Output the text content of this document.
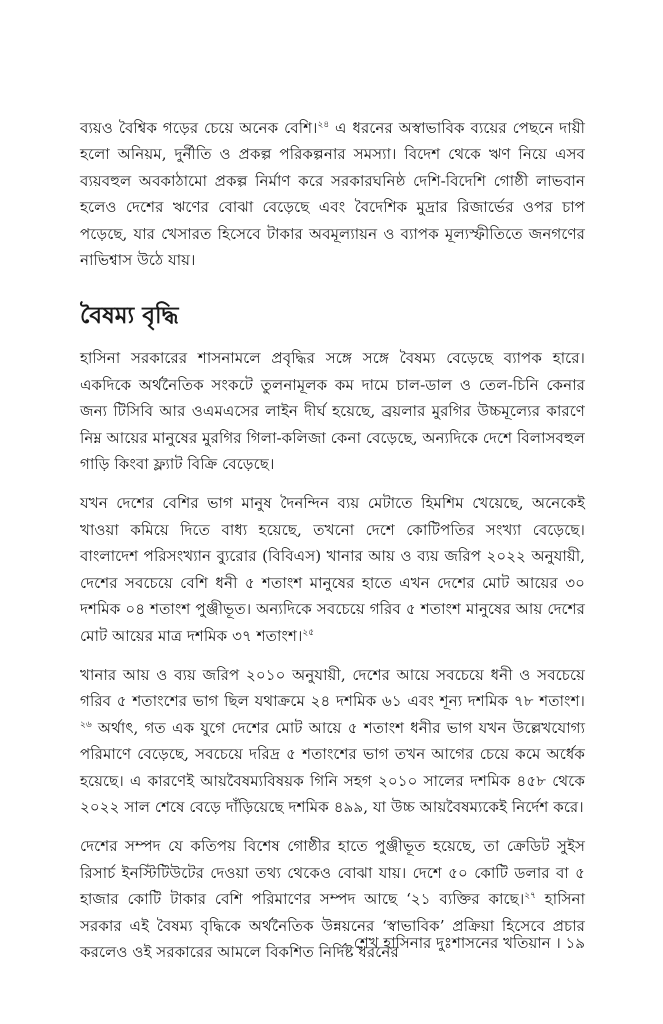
ব্যয়ও বৈশ্বিক গড়ের চেয়ে অনেক বেশি।$^{২৪}$ এ ধরনের অস্বাভাবিক ব্যয়ের পেছনে দায়ী হলো অনিয়ম, দুর্নীতি ও প্রকল্প পরিকল্পনার সমস্যা। বিদেশ থেকে ঋণ নিয়ে এসব ব্যয়বহুল অবকাঠামো প্রকল্প নির্মাণ করে সরকারঘনিষ্ঠ দেশি-বিদেশি গোষ্ঠী লাভবান হলেও দেশের ঋণের বোঝা বেড়েছে এবং বৈদেশিক মুদ্রার রিজার্ভের ওপর চাপ পড়েছে, যার খেসারত হিসেবে টাকার অবমূল্যায়ন ও ব্যাপক মূল্যস্ফীতিতে জনগণের নাভিশ্বাস উঠে যায়।

বৈষম্য বৃদ্ধি

হাসিনা সরকারের শাসনামলে প্রবৃদ্ধির সঙ্গে সঙ্গে বৈষম্য বেড়েছে ব্যাপক হারে। একদিকে অর্থনৈতিক সংকটে তুলনামূলক কম দামে চাল-ডাল ও তেল-চিনি কেনার জন্য টিসিবি আর ওএমএসের লাইন দীর্ঘ হয়েছে, ব্রয়লার মুরগির উচ্চমূল্যের কারণে নিম্ন আয়ের মানুষের মুরগির গিলা-কলিজা কেনা বেড়েছে, অন্যদিকে দেশে বিলাসবহুল গাড়ি কিংবা ফ্ল্যাট বিক্রি বেড়েছে।

যখন দেশের বেশির ভাগ মানুষ দৈনন্দিন ব্যয় মেটাতে হিমশিম খেয়েছে, অনেকেই খাওয়া কমিয়ে দিতে বাধ্য হয়েছে, তখনো দেশে কোটিপতির সংখ্যা বেড়েছে। বাংলাদেশ পরিসংখ্যান ব্যুরোর (বিবিএস) খানার আয় ও ব্যয় জরিপ ২০২২ অনুযায়ী, দেশের সবচেয়ে বেশি ধনী ৫ শতাংশ মানুষের হাতে এখন দেশের মোট আয়ের ৩০ দশমিক ০৪ শতাংশ পুঞ্জীভূত। অন্যদিকে সবচেয়ে গরিব ৫ শতাংশ মানুষের আয় দেশের মোট আয়ের মাত্র দশমিক ৩৭ শতাংশ।$^{২৫}$

খানার আয় ও ব্যয় জরিপ ২০১০ অনুযায়ী, দেশের আয়ে সবচেয়ে ধনী ও সবচেয়ে গরিব ৫ শতাংশের ভাগ ছিল যথাক্রমে ২৪ দশমিক ৬১ এবং শূন্য দশমিক ৭৮ শতাংশ।$^{২৬}$ অর্থাৎ, গত এক যুগে দেশের মোট আয়ে ৫ শতাংশ ধনীর ভাগ যখন উল্লেখযোগ্য পরিমাণে বেড়েছে, সবচেয়ে দরিদ্র ৫ শতাংশের ভাগ তখন আগের চেয়ে কমে অর্ধেক হয়েছে। এ কারণেই আয়বৈষম্যবিষয়ক গিনি সহগ ২০১০ সালের দশমিক ৪৫৮ থেকে ২০২২ সাল শেষে বেড়ে দাঁড়িয়েছে দশমিক ৪৯৯, যা উচ্চ আয়বৈষম্যকেই নির্দেশ করে।

দেশের সম্পদ যে কতিপয় বিশেষ গোষ্ঠীর হাতে পুঞ্জীভূত হয়েছে, তা ক্রেডিট সুইস রিসার্চ ইনস্টিটিউটের দেওয়া তথ্য থেকেও বোঝা যায়। দেশে ৫০ কোটি ডলার বা ৫ হাজার কোটি টাকার বেশি পরিমাণের সম্পদ আছে ‘২১ ব্যক্তির কাছে।$^{২৭}$ হাসিনা সরকার এই বৈষম্য বৃদ্ধিকে অর্থনৈতিক উন্নয়নের ‘স্বাভাবিক’ প্রক্রিয়া হিসেবে প্রচার করলেও ওই সরকারের আমলে বিকশিত নির্দিষ্ট ধরনের

শেখ হাসিনার দুঃশাসনের খতিয়ান । ১৯
